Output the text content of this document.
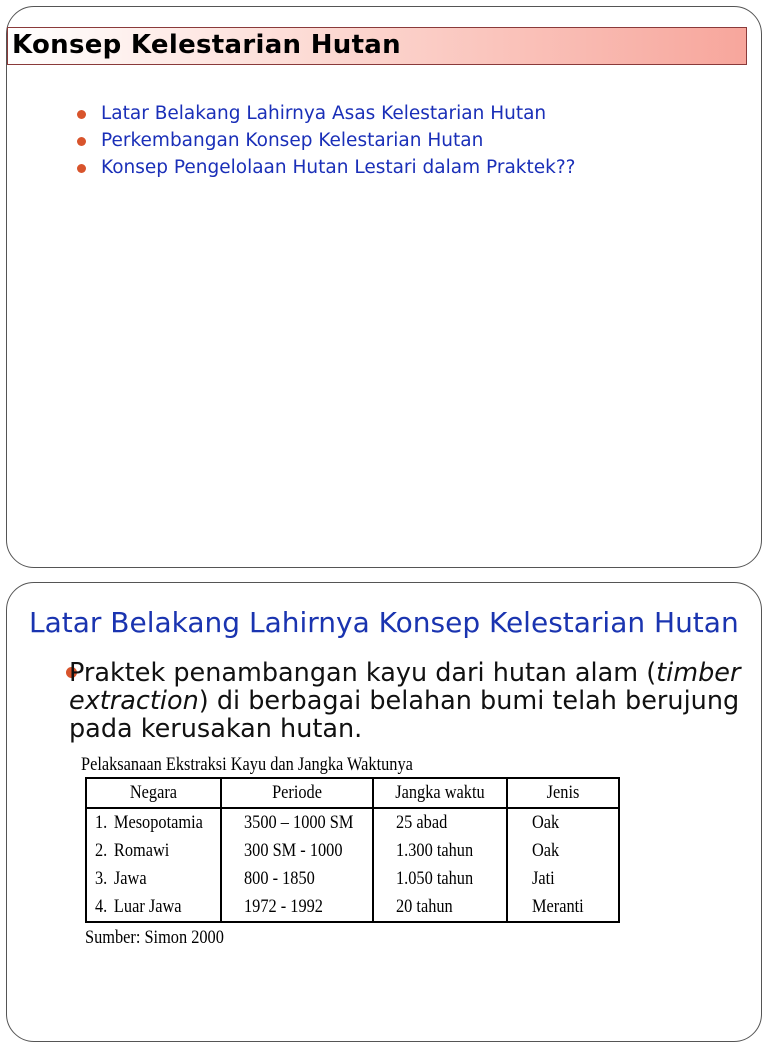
Konsep Kelestarian Hutan
Latar Belakang Lahirnya Asas Kelestarian Hutan
Perkembangan Konsep Kelestarian Hutan
Konsep Pengelolaan Hutan Lestari dalam Praktek??
Latar Belakang Lahirnya Konsep Kelestarian Hutan
Praktek penambangan kayu dari hutan alam (timber extraction) di berbagai belahan bumi telah berujung pada kerusakan hutan.
Pelaksanaan Ekstraksi Kayu dan Jangka Waktunya
Negara	Periode	Jangka waktu	Jenis
1. Mesopotamia	3500 – 1000 SM	25 abad	Oak
2. Romawi	300 SM - 1000	1.300 tahun	Oak
3. Jawa	800 - 1850	1.050 tahun	Jati
4. Luar Jawa	1972 - 1992	20 tahun	Meranti
Sumber: Simon 2000
